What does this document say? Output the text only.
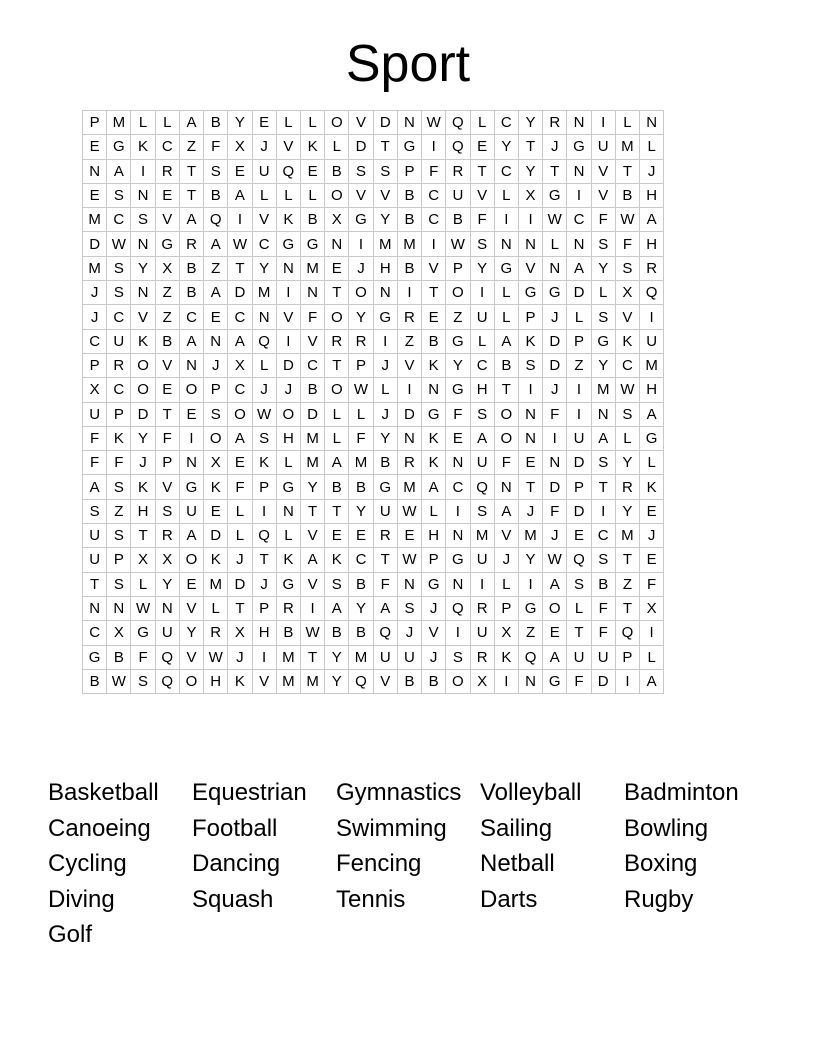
Sport
P	M	L	L	A	B	Y	E	L	L	O	V	D	N	W	Q	L	C	Y	R	N	I	L	N
E	G	K	C	Z	F	X	J	V	K	L	D	T	G	I	Q	E	Y	T	J	G	U	M	L
N	A	I	R	T	S	E	U	Q	E	B	S	S	P	F	R	T	C	Y	T	N	V	T	J
E	S	N	E	T	B	A	L	L	L	O	V	V	B	C	U	V	L	X	G	I	V	B	H
M	C	S	V	A	Q	I	V	K	B	X	G	Y	B	C	B	F	I	I	W	C	F	W	A
D	W	N	G	R	A	W	C	G	G	N	I	M	M	I	W	S	N	N	L	N	S	F	H
M	S	Y	X	B	Z	T	Y	N	M	E	J	H	B	V	P	Y	G	V	N	A	Y	S	R
J	S	N	Z	B	A	D	M	I	N	T	O	N	I	T	O	I	L	G	G	D	L	X	Q
J	C	V	Z	C	E	C	N	V	F	O	Y	G	R	E	Z	U	L	P	J	L	S	V	I
C	U	K	B	A	N	A	Q	I	V	R	R	I	Z	B	G	L	A	K	D	P	G	K	U
P	R	O	V	N	J	X	L	D	C	T	P	J	V	K	Y	C	B	S	D	Z	Y	C	M
X	C	O	E	O	P	C	J	J	B	O	W	L	I	N	G	H	T	I	J	I	M	W	H
U	P	D	T	E	S	O	W	O	D	L	L	J	D	G	F	S	O	N	F	I	N	S	A
F	K	Y	F	I	O	A	S	H	M	L	F	Y	N	K	E	A	O	N	I	U	A	L	G
F	F	J	P	N	X	E	K	L	M	A	M	B	R	K	N	U	F	E	N	D	S	Y	L
A	S	K	V	G	K	F	P	G	Y	B	B	G	M	A	C	Q	N	T	D	P	T	R	K
S	Z	H	S	U	E	L	I	N	T	T	Y	U	W	L	I	S	A	J	F	D	I	Y	E
U	S	T	R	A	D	L	Q	L	V	E	E	R	E	H	N	M	V	M	J	E	C	M	J
U	P	X	X	O	K	J	T	K	A	K	C	T	W	P	G	U	J	Y	W	Q	S	T	E
T	S	L	Y	E	M	D	J	G	V	S	B	F	N	G	N	I	L	I	A	S	B	Z	F
N	N	W	N	V	L	T	P	R	I	A	Y	A	S	J	Q	R	P	G	O	L	F	T	X
C	X	G	U	Y	R	X	H	B	W	B	B	Q	J	V	I	U	X	Z	E	T	F	Q	I
G	B	F	Q	V	W	J	I	M	T	Y	M	U	U	J	S	R	K	Q	A	U	U	P	L
B	W	S	Q	O	H	K	V	M	M	Y	Q	V	B	B	O	X	I	N	G	F	D	I	A
Basketball Equestrian Gymnastics Volleyball Badminton
Canoeing Football Swimming Sailing	Bowling
Cycling	Dancing Fencing Netball	Boxing
Diving	Squash	Tennis	Darts	Rugby
Golf
